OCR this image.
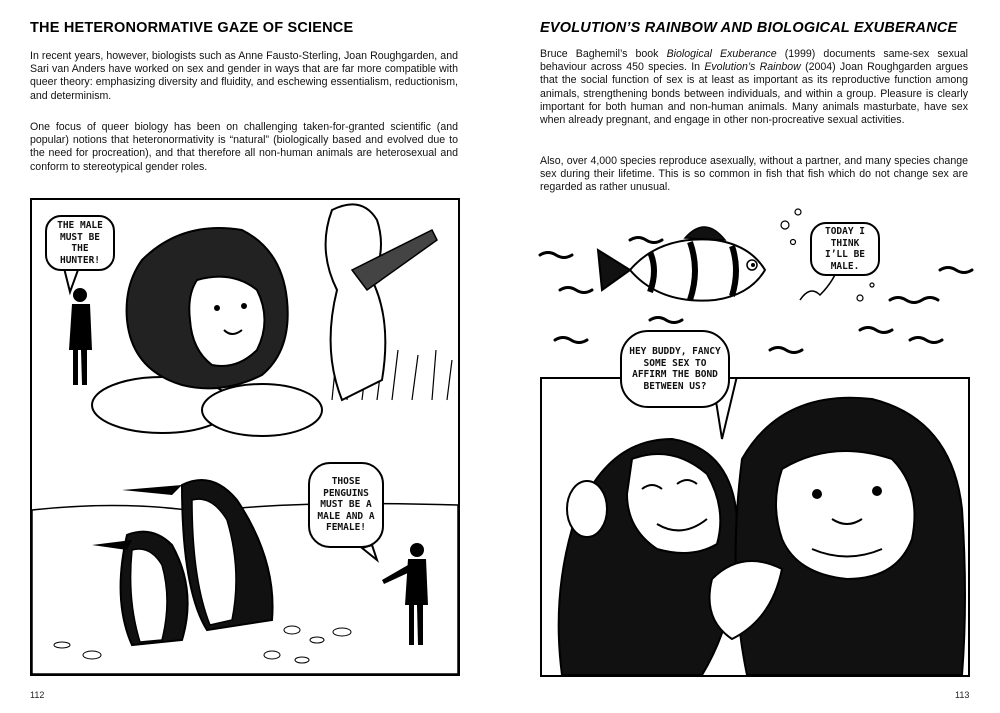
THE HETERONORMATIVE GAZE OF SCIENCE

In recent years, however, biologists such as Anne Fausto-Sterling, Joan Roughgarden, and Sari van Anders have worked on sex and gender in ways that are far more compatible with queer theory: emphasizing diversity and fluidity, and eschewing essentialism, reductionism, and determinism.

One focus of queer biology has been on challenging taken-for-granted scientific (and popular) notions that heteronormativity is “natural” (biologically based and evolved due to the need for procreation), and that therefore all non-human animals are heterosexual and conform to stereotypical gender roles.

THE MALE MUST BE THE HUNTER!
THOSE PENGUINS MUST BE A MALE AND A FEMALE!

112

EVOLUTION’S RAINBOW AND BIOLOGICAL EXUBERANCE

Bruce Baghemil’s book Biological Exuberance (1999) documents same-sex sexual behaviour across 450 species. In Evolution’s Rainbow (2004) Joan Roughgarden argues that the social function of sex is at least as important as its reproductive function among animals, strengthening bonds between individuals, and within a group. Pleasure is clearly important for both human and non-human animals. Many animals masturbate, have sex when already pregnant, and engage in other non-procreative sexual activities.

Also, over 4,000 species reproduce asexually, without a partner, and many species change sex during their lifetime. This is so common in fish that fish which do not change sex are regarded as rather unusual.

TODAY I THINK I’LL BE MALE.
HEY BUDDY, FANCY SOME SEX TO AFFIRM THE BOND BETWEEN US?

113
